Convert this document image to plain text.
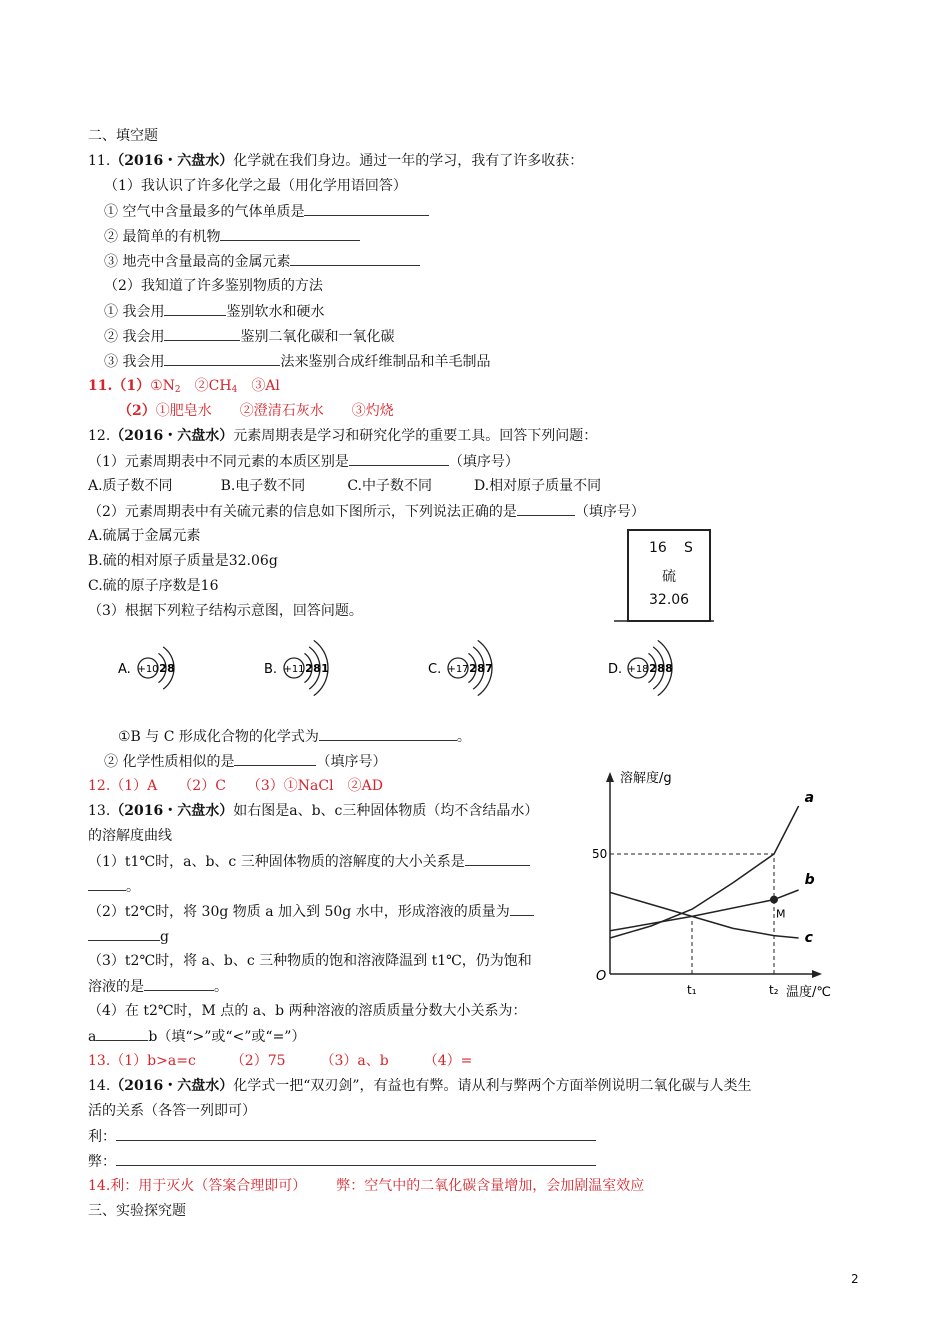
二、填空题
11.（2016・六盘水）化学就在我们身边。通过一年的学习，我有了许多收获：
（1）我认识了许多化学之最（用化学用语回答）
① 空气中含量最多的气体单质是
② 最简单的有机物
③ 地壳中含量最高的金属元素
（2）我知道了许多鉴别物质的方法
① 我会用	鉴别软水和硬水
② 我会用	鉴别二氧化碳和一氧化碳
③ 我会用	法来鉴别合成纤维制品和羊毛制品
$11.(1)①N_2$　 $②CH_4$　 ③Al
（2）①肥皂水　　 ②澄清石灰水　　 ③灼烧
12.（2016・六盘水）元素周期表是学习和研究化学的重要工具。回答下列问题：
（1）元素周期表中不同元素的本质区别是	（填序号）
A.质子数不同	B.电子数不同	C.中子数不同	D.相对原子质量不同
（2）元素周期表中有关硫元素的信息如下图所示，下列说法正确的是	（填序号）
A.硫属于金属元素
B.硫的相对原子质量是32.06g
C.硫的原子序数是16
（3）根据下列粒子结构示意图，回答问题。
16 S
硫
32.06
A. +10 2 8	B. +11 2 8 1	C. +17 2 8 7	D. +18 2 8 8
①B 与 C 形成化合物的化学式为	。
② 化学性质相似的是	（填序号）
12.（1）A　　（2）C　　（3）①NaCl　②AD
13.（2016・六盘水）如右图是a、b、c三种固体物质（均不含结晶水）
的溶解度曲线
（1）t1℃时，a、b、c 三种固体物质的溶解度的大小关系是
。
（2）t2℃时，将 30g 物质 a 加入到 50g 水中，形成溶液的质量为
g
（3）t2℃时，将 a、b、c 三种物质的饱和溶液降温到 t1℃，仍为饱和
溶液的是	。
（4）在 t2℃时，M 点的 a、b 两种溶液的溶质质量分数大小关系为：
a	b（填“>”或“<”或“=”）
13.（1）b>a=c　　　（2）75　　　（3）a、b　　　（4）=
溶解度/g
温度/℃
O
50
t₁	t₂
a
b
c
M
14.（2016・六盘水）化学式一把“双刃剑”，有益也有弊。请从利与弊两个方面举例说明二氧化碳与人类生
活的关系（各答一列即可）
利：
弊：
14.利：用于灭火（答案合理即可） 弊：空气中的二氧化碳含量增加，会加剧温室效应
三、实验探究题
2
